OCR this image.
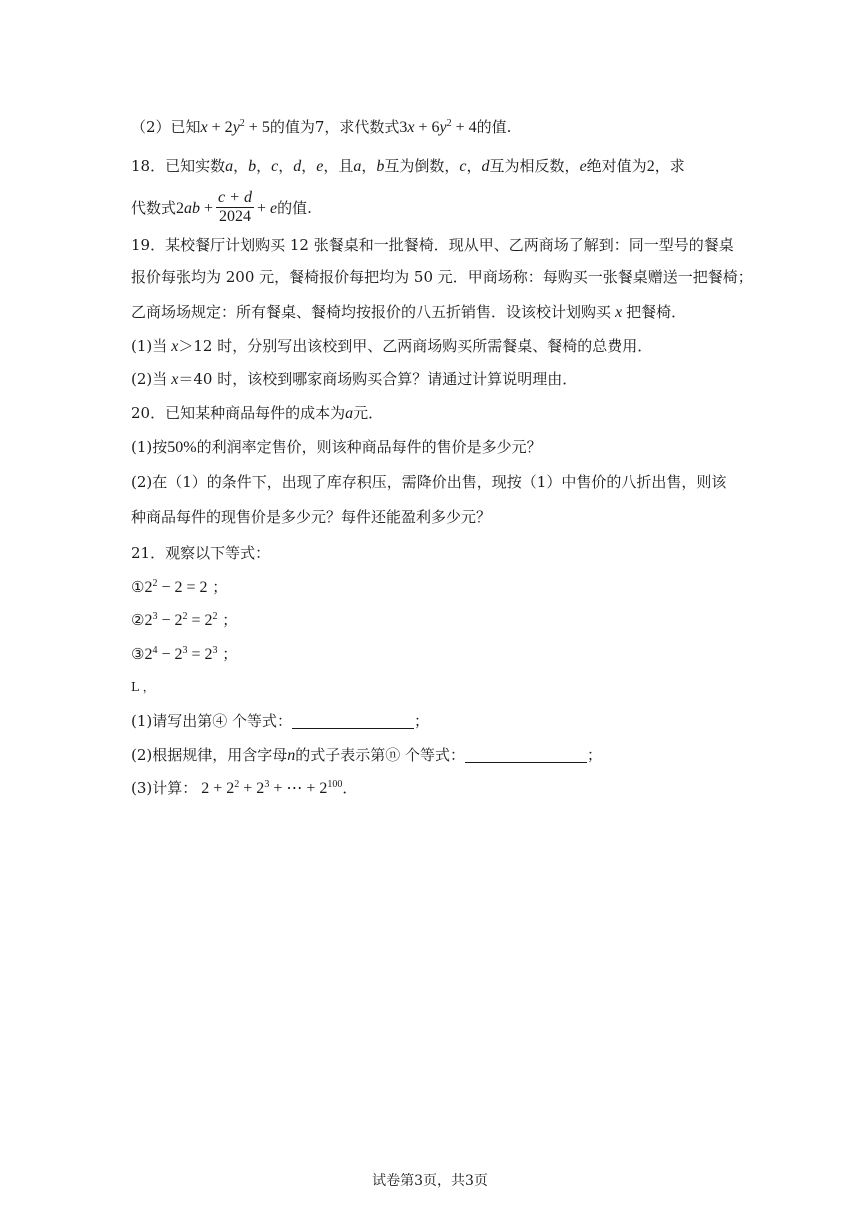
（2）已知$x + 2y^2 + 5$的值为7，求代数式$3x + 6y^2 + 4$的值.
18．已知实数a，b，c，d，e，且a，b互为倒数，c，d互为相反数，e绝对值为2，求
代数式$2ab + \frac{c + d}{2024} + e$的值.
19．某校餐厅计划购买 12 张餐桌和一批餐椅．现从甲、乙两商场了解到：同一型号的餐桌
报价每张均为 200 元，餐椅报价每把均为 50 元．甲商场称：每购买一张餐桌赠送一把餐椅；
乙商场场规定：所有餐桌、餐椅均按报价的八五折销售．设该校计划购买 x 把餐椅．
(1)当 x＞12 时，分别写出该校到甲、乙两商场购买所需餐桌、餐椅的总费用．
(2)当 x＝40 时，该校到哪家商场购买合算？请通过计算说明理由．
20．已知某种商品每件的成本为a元．
(1)按50%的利润率定售价，则该种商品每件的售价是多少元？
(2)在（1）的条件下，出现了库存积压，需降价出售，现按（1）中售价的八折出售，则该
种商品每件的现售价是多少元？每件还能盈利多少元？
21．观察以下等式：
$①2^2 - 2 = 2$ ；
$②2^3 - 2^2 = 2^2$ ；
$③2^4 - 2^3 = 2^3$ ；
L ，
(1)请写出第④ 个等式：	；
(2)根据规律，用含字母n的式子表示第ⓝ 个等式：	；
(3)计算： $2 + 2^2 + 2^3$ + ⋯ + $2^{100}$．
试卷第3页，共3页
